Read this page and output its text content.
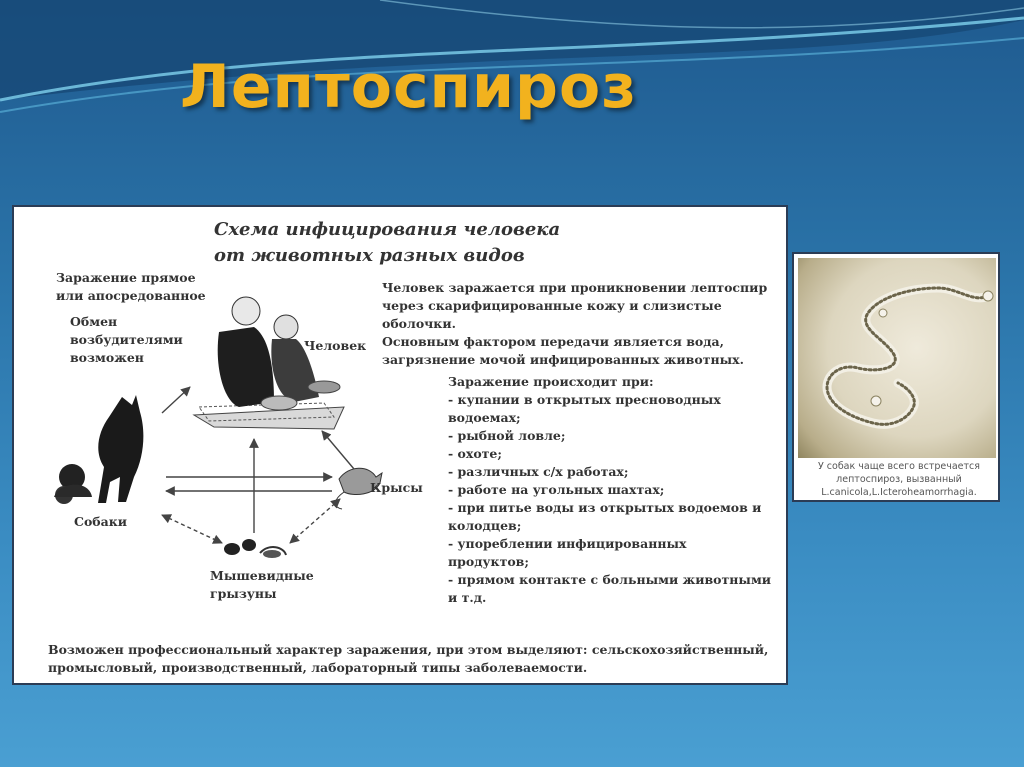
Лептоспироз
Схема инфицирования человека
от животных разных видов

Заражение прямое
или апосредованное

Обмен
возбудителями
возможен

Человек

Собаки

Крысы

Мышевидные
грызуны

Человек заражается при проникновении лептоспир
через скарифицированные кожу и слизистые оболочки.
Основным фактором передачи является вода,
загрязнение мочой инфицированных животных.

Заражение происходит при:
- купании в открытых пресноводных
водоемах;
- рыбной ловле;
- охоте;
- различных с/х работах;
- работе на угольных шахтах;
- при питье воды из открытых водоемов и
колодцев;
- упореблении инфицированных
продуктов;
- прямом контакте с больными животными
и т.д.

Возможен профессиональный характер заражения, при этом выделяют: сельскохозяйственный,
промысловый, производственный, лабораторный типы заболеваемости.

У собак чаще всего встречается
лептоспироз, вызванный
L.canicola,L.Icteroheamorrhagia.
